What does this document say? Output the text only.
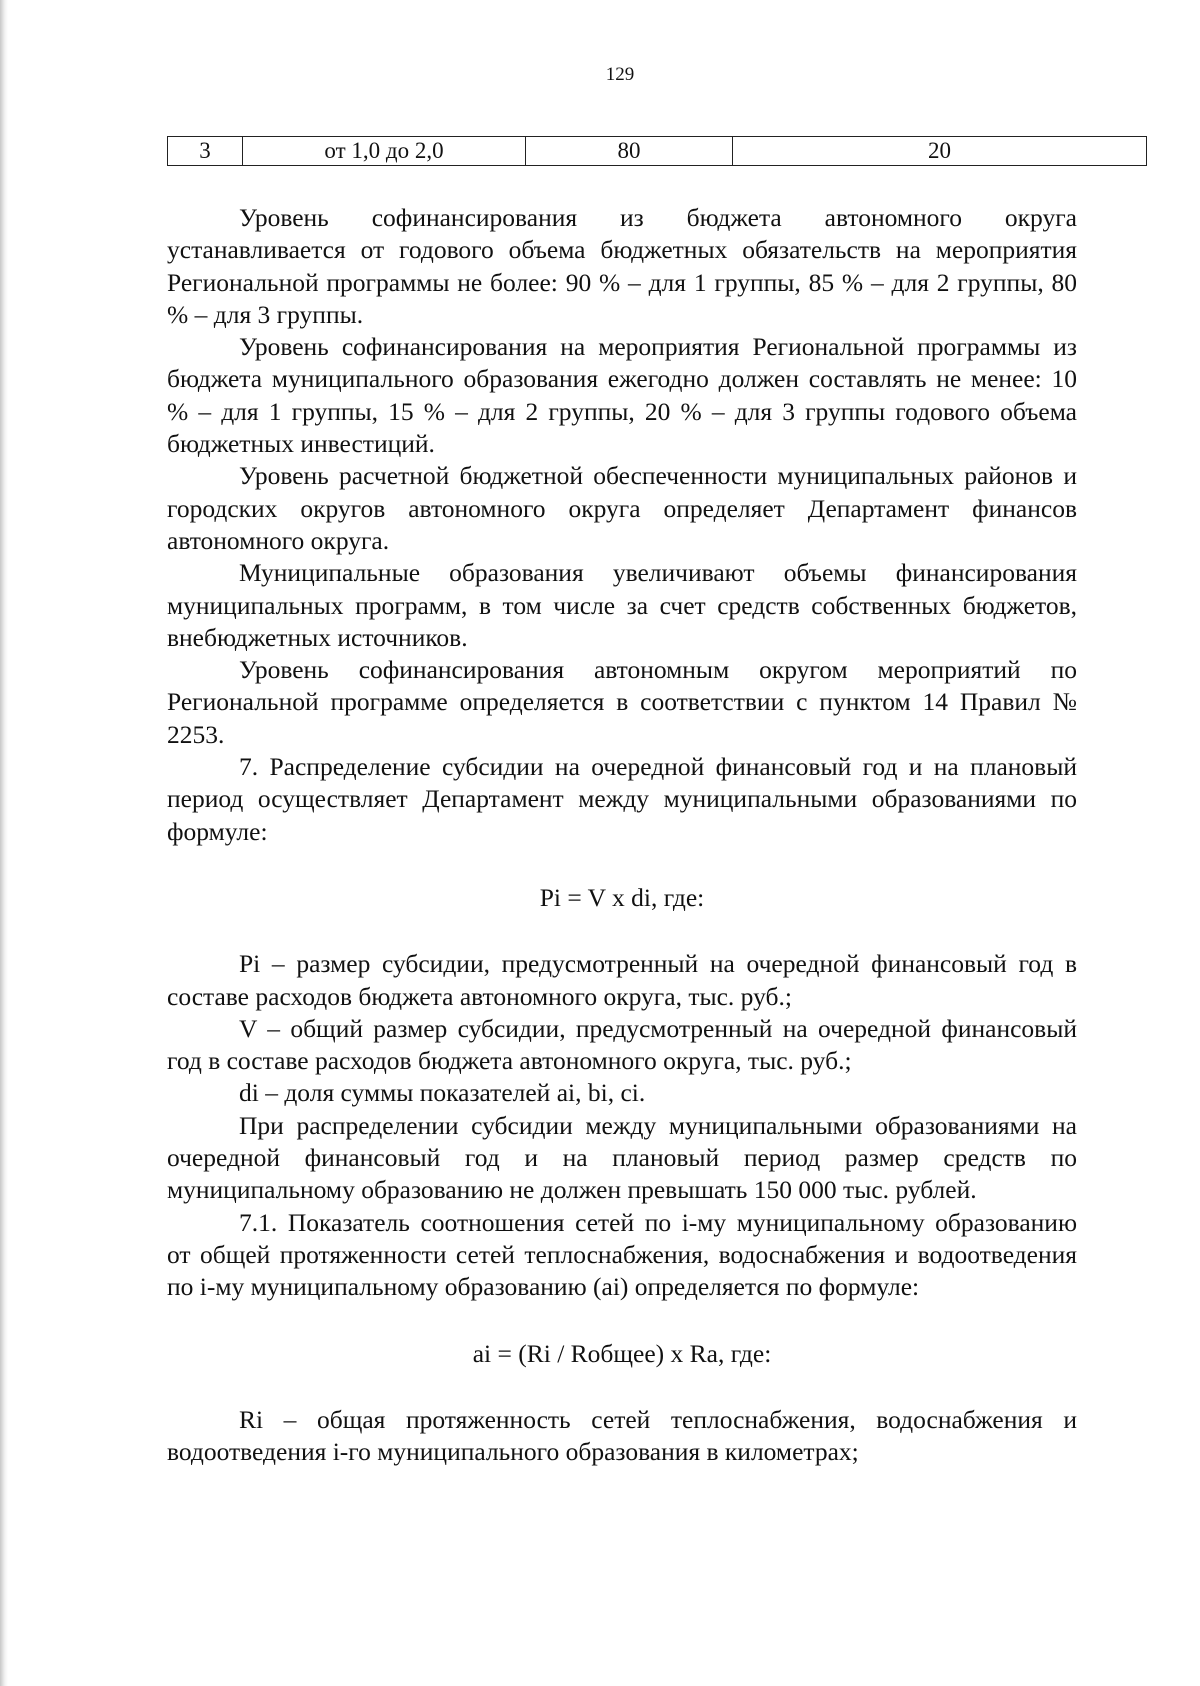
129
3	от 1,0 до 2,0	80	20

Уровень софинансирования из бюджета автономного округа устанавливается от годового объема бюджетных обязательств на мероприятия Региональной программы не более: 90 % – для 1 группы, 85 % – для 2 группы, 80 % – для 3 группы.

Уровень софинансирования на мероприятия Региональной программы из бюджета муниципального образования ежегодно должен составлять не менее: 10 % – для 1 группы, 15 % – для 2 группы, 20 % – для 3 группы годового объема бюджетных инвестиций.

Уровень расчетной бюджетной обеспеченности муниципальных районов и городских округов автономного округа определяет Департамент финансов автономного округа.

Муниципальные образования увеличивают объемы финансирования муниципальных программ, в том числе за счет средств собственных бюджетов, внебюджетных источников.

Уровень софинансирования автономным округом мероприятий по Региональной программе определяется в соответствии с пунктом 14 Правил № 2253.

7. Распределение субсидии на очередной финансовый год и на плановый период осуществляет Департамент между муниципальными образованиями по формуле:

Pi = V x di, где:

Pi – размер субсидии, предусмотренный на очередной финансовый год в составе расходов бюджета автономного округа, тыс. руб.;

V – общий размер субсидии, предусмотренный на очередной финансовый год в составе расходов бюджета автономного округа, тыс. руб.;

di – доля суммы показателей ai, bi, ci.

При распределении субсидии между муниципальными образованиями на очередной финансовый год и на плановый период размер средств по муниципальному образованию не должен превышать 150 000 тыс. рублей.

7.1. Показатель соотношения сетей по i-му муниципальному образованию от общей протяженности сетей теплоснабжения, водоснабжения и водоотведения по i-му муниципальному образованию (ai) определяется по формуле:

ai = (Ri / Rобщее) x Ra, где:

Ri – общая протяженность сетей теплоснабжения, водоснабжения и водоотведения i-го муниципального образования в километрах;
